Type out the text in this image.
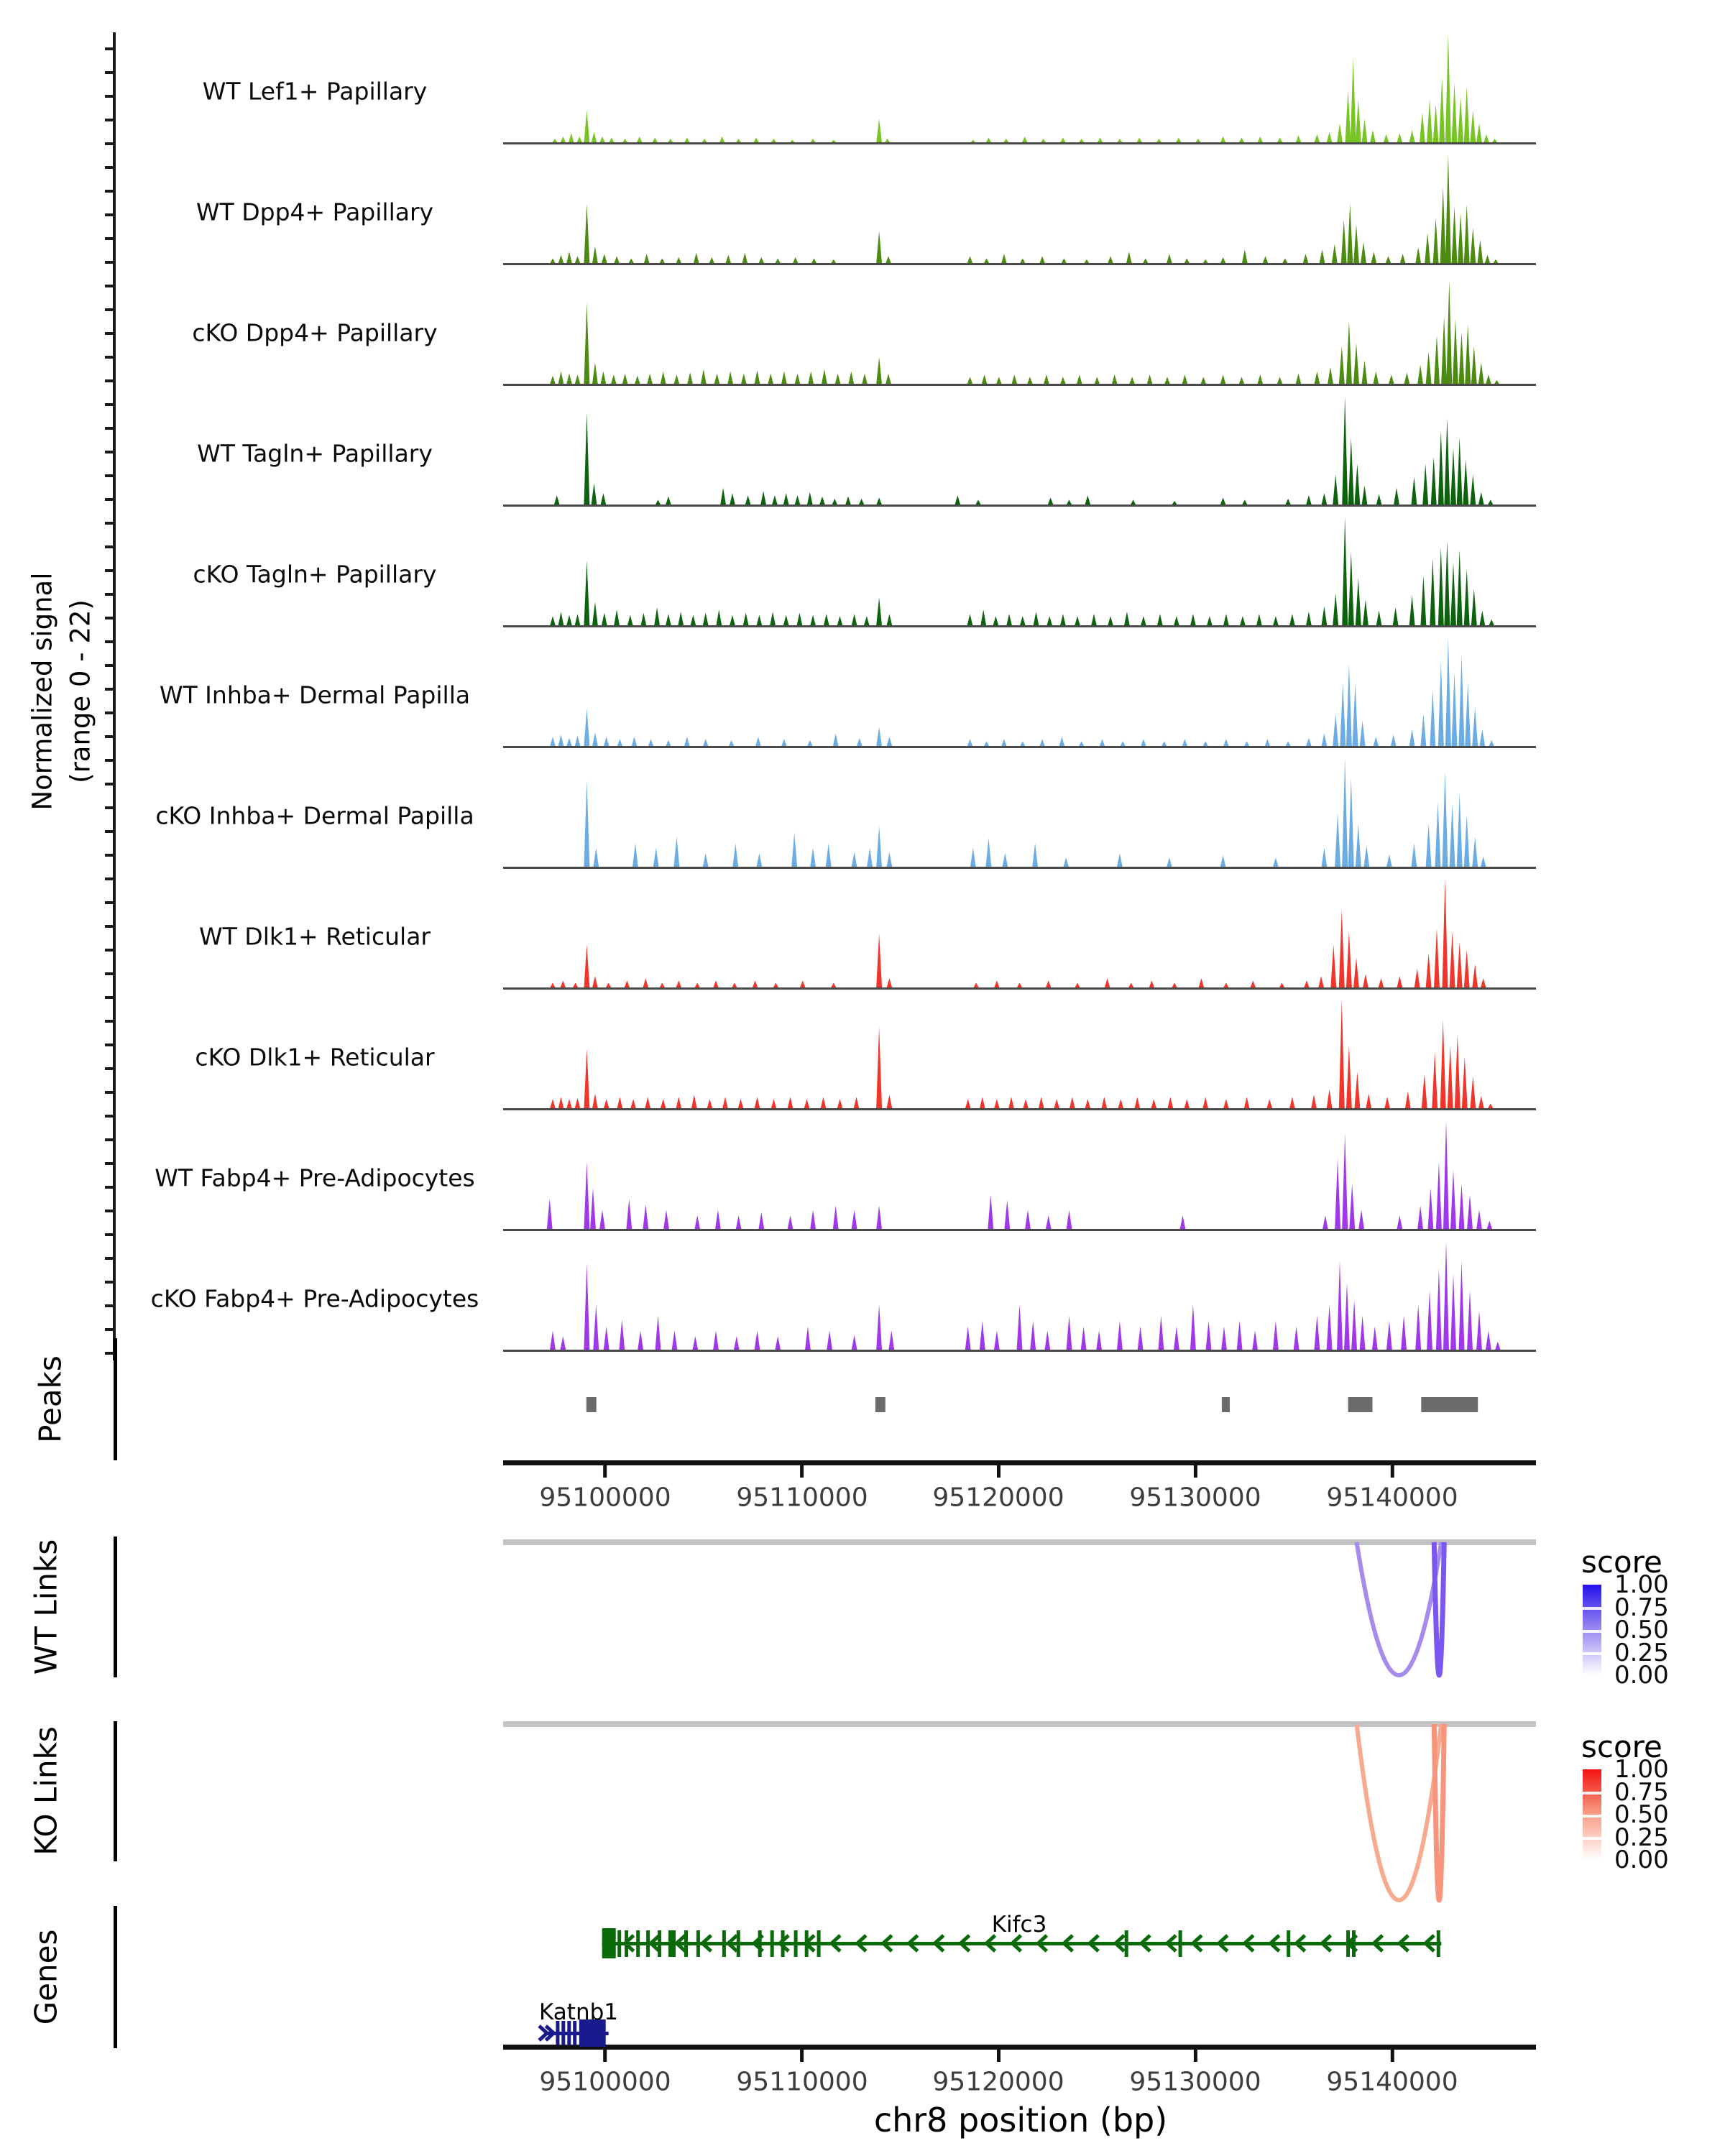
Normalized signal (range 0 - 22)
Peaks
WT Links
KO Links
Genes
score
score
chr8 position (bp)
WT Lef1+ Papillary
WT Dpp4+ Papillary
cKO Dpp4+ Papillary
WT Tagln+ Papillary
cKO Tagln+ Papillary
WT Inhba+ Dermal Papilla
cKO Inhba+ Dermal Papilla
WT Dlk1+ Reticular
cKO Dlk1+ Reticular
WT Fabp4+ Pre-Adipocytes
cKO Fabp4+ Pre-Adipocytes
95100000	95110000 95120000	95130000	95140000
95100000	95110000 95120000	95130000	95140000
1.00
0.75
0.50
0.25
0.00
1.00
0.75
0.50
0.25
0.00
Kifc3
Katnb1
